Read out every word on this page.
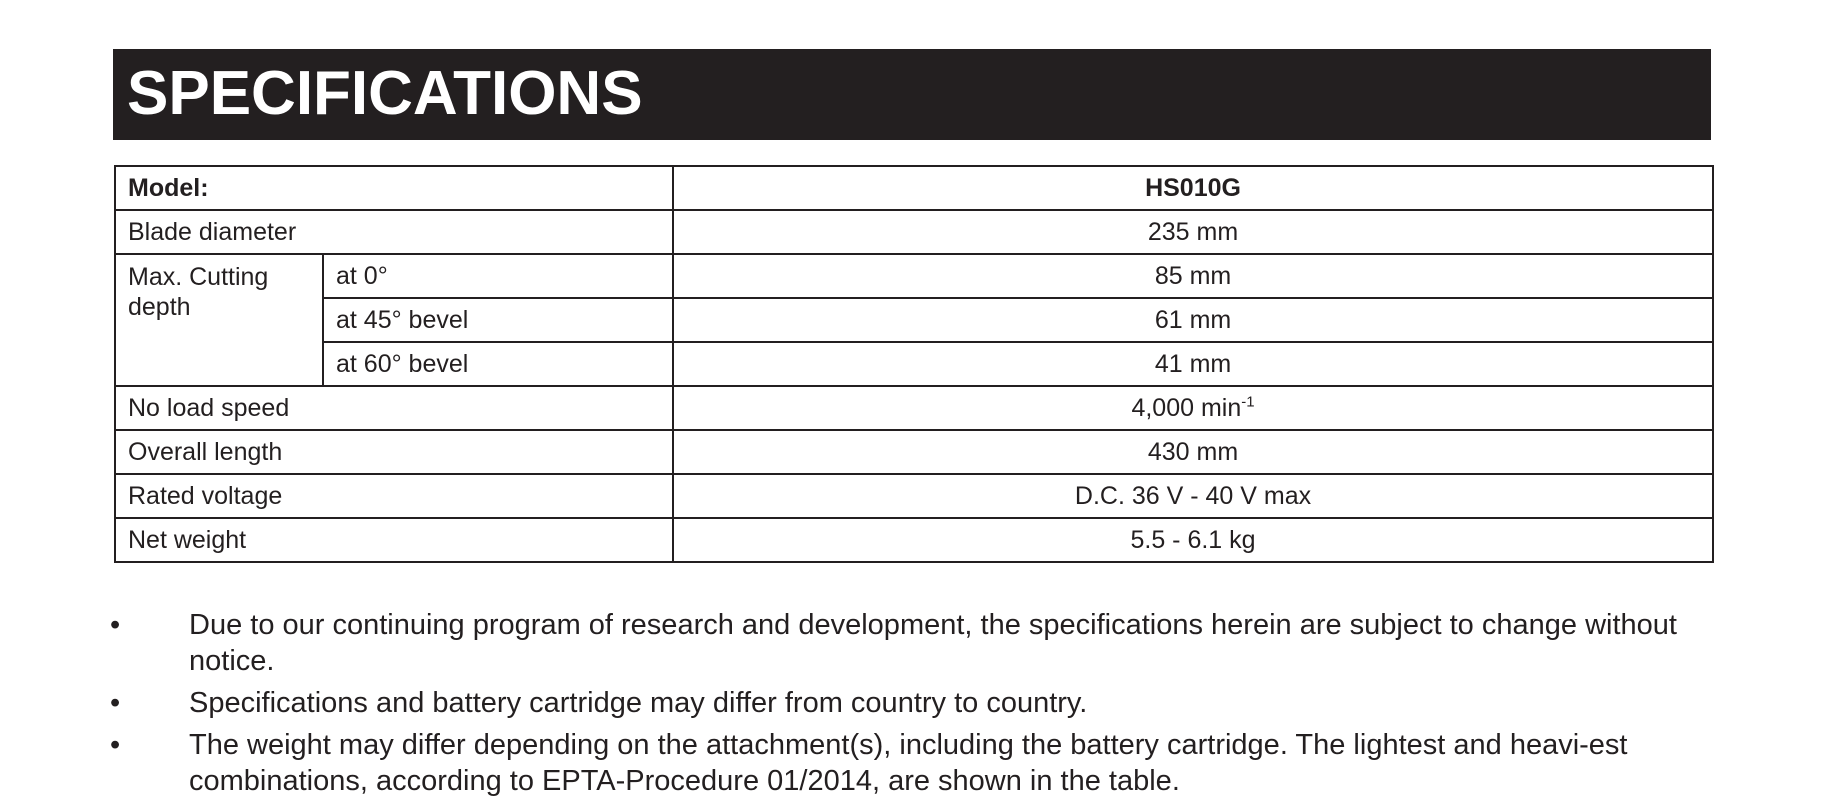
SPECIFICATIONS
Model:		HS010G
Blade diameter		235 mm
Max. Cutting depth	at 0°	85 mm
	at 45° bevel	61 mm
	at 60° bevel	41 mm
No load speed		4,000 $\min^{-1}$
Overall length		430 mm
Rated voltage		D.C. 36 V - 40 V max
Net weight		5.5 - 6.1 kg
• Due to our continuing program of research and development, the specifications herein are subject to change without notice.
• Specifications and battery cartridge may differ from country to country.
• The weight may differ depending on the attachment(s), including the battery cartridge. The lightest and heavi-est combinations, according to EPTA-Procedure 01/2014, are shown in the table.
